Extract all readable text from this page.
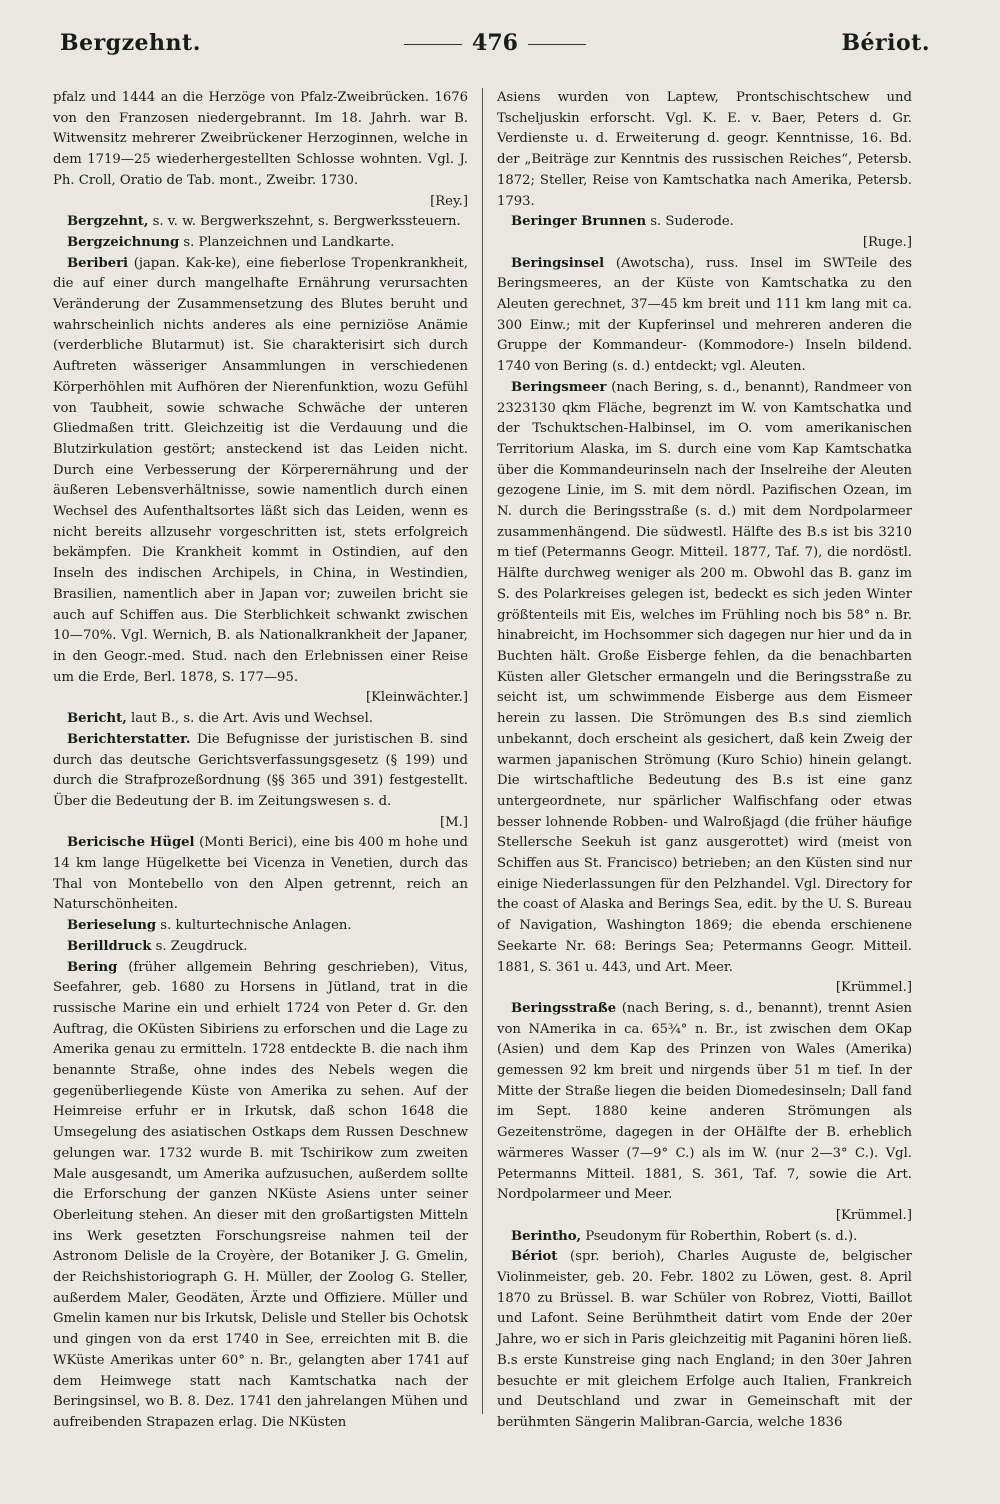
Bergzehnt.	476	Bériot.

pfalz und 1444 an die Herzöge von Pfalz-Zweibrücken. 1676 von den Franzosen niedergebrannt. Im 18. Jahrh. war B. Witwensitz mehrerer Zweibrückener Herzoginnen, welche in dem 1719—25 wiederhergestellten Schlosse wohnten. Vgl. J. Ph. Croll, Oratio de Tab. mont., Zweibr. 1730.
[Rey.]

Bergzehnt, s. v. w. Bergwerkszehnt, s. Bergwerkssteuern.

Bergzeichnung s. Planzeichnen und Landkarte.

Beriberi (japan. Kak-ke), eine fieberlose Tropenkrankheit, die auf einer durch mangelhafte Ernährung verursachten Veränderung der Zusammensetzung des Blutes beruht und wahrscheinlich nichts anderes als eine perniziöse Anämie (verderbliche Blutarmut) ist. Sie charakterisirt sich durch Auftreten wässeriger Ansammlungen in verschiedenen Körperhöhlen mit Aufhören der Nierenfunktion, wozu Gefühl von Taubheit, sowie schwache Schwäche der unteren Gliedmaßen tritt. Gleichzeitig ist die Verdauung und die Blutzirkulation gestört; ansteckend ist das Leiden nicht. Durch eine Verbesserung der Körperernährung und der äußeren Lebensverhältnisse, sowie namentlich durch einen Wechsel des Aufenthaltsortes läßt sich das Leiden, wenn es nicht bereits allzusehr vorgeschritten ist, stets erfolgreich bekämpfen. Die Krankheit kommt in Ostindien, auf den Inseln des indischen Archipels, in China, in Westindien, Brasilien, namentlich aber in Japan vor; zuweilen bricht sie auch auf Schiffen aus. Die Sterblichkeit schwankt zwischen 10—70%. Vgl. Wernich, B. als Nationalkrankheit der Japaner, in den Geogr.-med. Stud. nach den Erlebnissen einer Reise um die Erde, Berl. 1878, S. 177—95.
[Kleinwächter.]

Bericht, laut B., s. die Art. Avis und Wechsel.

Berichterstatter. Die Befugnisse der juristischen B. sind durch das deutsche Gerichtsverfassungsgesetz (§ 199) und durch die Strafprozeßordnung (§§ 365 und 391) festgestellt. Über die Bedeutung der B. im Zeitungswesen s. d.
[M.]

Bericische Hügel (Monti Berici), eine bis 400 m hohe und 14 km lange Hügelkette bei Vicenza in Venetien, durch das Thal von Montebello von den Alpen getrennt, reich an Naturschönheiten.

Berieselung s. kulturtechnische Anlagen.

Berilldruck s. Zeugdruck.

Bering (früher allgemein Behring geschrieben), Vitus, Seefahrer, geb. 1680 zu Horsens in Jütland, trat in die russische Marine ein und erhielt 1724 von Peter d. Gr. den Auftrag, die OKüsten Sibiriens zu erforschen und die Lage zu Amerika genau zu ermitteln. 1728 entdeckte B. die nach ihm benannte Straße, ohne indes des Nebels wegen die gegenüberliegende Küste von Amerika zu sehen. Auf der Heimreise erfuhr er in Irkutsk, daß schon 1648 die Umsegelung des asiatischen Ostkaps dem Russen Deschnew gelungen war. 1732 wurde B. mit Tschirikow zum zweiten Male ausgesandt, um Amerika aufzusuchen, außerdem sollte die Erforschung der ganzen NKüste Asiens unter seiner Oberleitung stehen. An dieser mit den großartigsten Mitteln ins Werk gesetzten Forschungsreise nahmen teil der Astronom Delisle de la Croyère, der Botaniker J. G. Gmelin, der Reichshistoriograph G. H. Müller, der Zoolog G. Steller, außerdem Maler, Geodäten, Ärzte und Offiziere. Müller und Gmelin kamen nur bis Irkutsk, Delisle und Steller bis Ochotsk und gingen von da erst 1740 in See, erreichten mit B. die WKüste Amerikas unter 60° n. Br., gelangten aber 1741 auf dem Heimwege statt nach Kamtschatka nach der Beringsinsel, wo B. 8. Dez. 1741 den jahrelangen Mühen und aufreibenden Strapazen erlag. Die NKüsten

Asiens wurden von Laptew, Prontschischtschew und Tscheljuskin erforscht. Vgl. K. E. v. Baer, Peters d. Gr. Verdienste u. d. Erweiterung d. geogr. Kenntnisse, 16. Bd. der „Beiträge zur Kenntnis des russischen Reiches“, Petersb. 1872; Steller, Reise von Kamtschatka nach Amerika, Petersb. 1793.

Beringer Brunnen s. Suderode.
[Ruge.]

Beringsinsel (Awotscha), russ. Insel im SWTeile des Beringsmeeres, an der Küste von Kamtschatka zu den Aleuten gerechnet, 37—45 km breit und 111 km lang mit ca. 300 Einw.; mit der Kupferinsel und mehreren anderen die Gruppe der Kommandeur- (Kommodore-) Inseln bildend. 1740 von Bering (s. d.) entdeckt; vgl. Aleuten.

Beringsmeer (nach Bering, s. d., benannt), Randmeer von 2323130 qkm Fläche, begrenzt im W. von Kamtschatka und der Tschuktschen-Halbinsel, im O. vom amerikanischen Territorium Alaska, im S. durch eine vom Kap Kamtschatka über die Kommandeurinseln nach der Inselreihe der Aleuten gezogene Linie, im S. mit dem nördl. Pazifischen Ozean, im N. durch die Beringsstraße (s. d.) mit dem Nordpolarmeer zusammenhängend. Die südwestl. Hälfte des B.s ist bis 3210 m tief (Petermanns Geogr. Mitteil. 1877, Taf. 7), die nordöstl. Hälfte durchweg weniger als 200 m. Obwohl das B. ganz im S. des Polarkreises gelegen ist, bedeckt es sich jeden Winter größtenteils mit Eis, welches im Frühling noch bis 58° n. Br. hinabreicht, im Hochsommer sich dagegen nur hier und da in Buchten hält. Große Eisberge fehlen, da die benachbarten Küsten aller Gletscher ermangeln und die Beringsstraße zu seicht ist, um schwimmende Eisberge aus dem Eismeer herein zu lassen. Die Strömungen des B.s sind ziemlich unbekannt, doch erscheint als gesichert, daß kein Zweig der warmen japanischen Strömung (Kuro Schio) hinein gelangt. Die wirtschaftliche Bedeutung des B.s ist eine ganz untergeordnete, nur spärlicher Walfischfang oder etwas besser lohnende Robben- und Walroßjagd (die früher häufige Stellersche Seekuh ist ganz ausgerottet) wird (meist von Schiffen aus St. Francisco) betrieben; an den Küsten sind nur einige Niederlassungen für den Pelzhandel. Vgl. Directory for the coast of Alaska and Berings Sea, edit. by the U. S. Bureau of Navigation, Washington 1869; die ebenda erschienene Seekarte Nr. 68: Berings Sea; Petermanns Geogr. Mitteil. 1881, S. 361 u. 443, und Art. Meer.
[Krümmel.]

Beringsstraße (nach Bering, s. d., benannt), trennt Asien von NAmerika in ca. 65¾° n. Br., ist zwischen dem OKap (Asien) und dem Kap des Prinzen von Wales (Amerika) gemessen 92 km breit und nirgends über 51 m tief. In der Mitte der Straße liegen die beiden Diomedesinseln; Dall fand im Sept. 1880 keine anderen Strömungen als Gezeitenströme, dagegen in der OHälfte der B. erheblich wärmeres Wasser (7—9° C.) als im W. (nur 2—3° C.). Vgl. Petermanns Mitteil. 1881, S. 361, Taf. 7, sowie die Art. Nordpolarmeer und Meer.
[Krümmel.]

Berintho, Pseudonym für Roberthin, Robert (s. d.).

Bériot (spr. berioh), Charles Auguste de, belgischer Violinmeister, geb. 20. Febr. 1802 zu Löwen, gest. 8. April 1870 zu Brüssel. B. war Schüler von Robrez, Viotti, Baillot und Lafont. Seine Berühmtheit datirt vom Ende der 20er Jahre, wo er sich in Paris gleichzeitig mit Paganini hören ließ. B.s erste Kunstreise ging nach England; in den 30er Jahren besuchte er mit gleichem Erfolge auch Italien, Frankreich und Deutschland und zwar in Gemeinschaft mit der berühmten Sängerin Malibran-Garcia, welche 1836
